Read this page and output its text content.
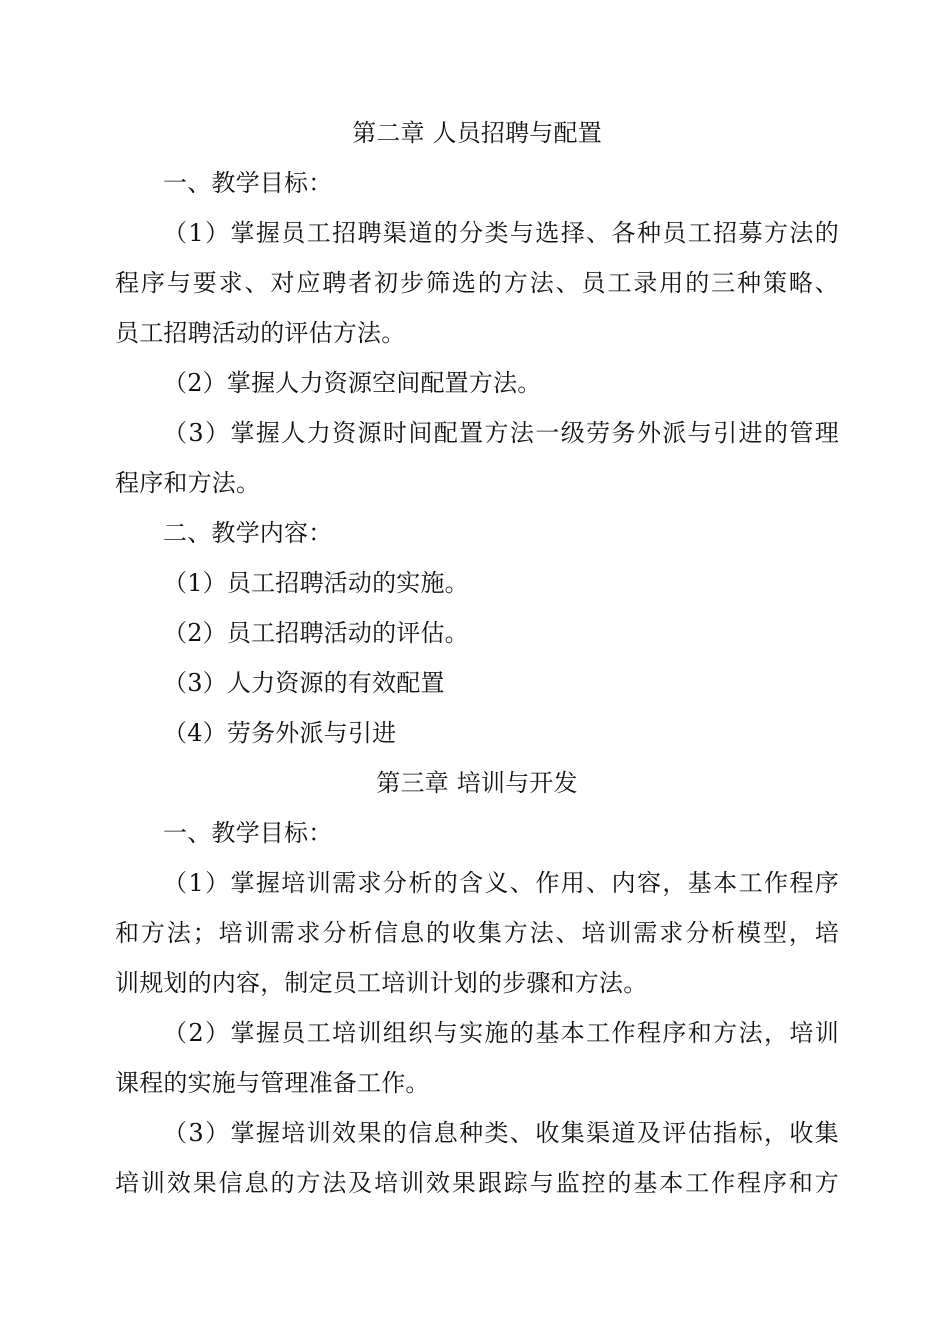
第二章 人员招聘与配置
一、教学目标：
（1）掌握员工招聘渠道的分类与选择、各种员工招募方法的
程序与要求、对应聘者初步筛选的方法、员工录用的三种策略、
员工招聘活动的评估方法。
（2）掌握人力资源空间配置方法。
（3）掌握人力资源时间配置方法一级劳务外派与引进的管理
程序和方法。
二、教学内容：
（1）员工招聘活动的实施。
（2）员工招聘活动的评估。
（3）人力资源的有效配置
（4）劳务外派与引进
第三章 培训与开发
一、教学目标：
（1）掌握培训需求分析的含义、作用、内容，基本工作程序
和方法；培训需求分析信息的收集方法、培训需求分析模型，培
训规划的内容，制定员工培训计划的步骤和方法。
（2）掌握员工培训组织与实施的基本工作程序和方法，培训
课程的实施与管理准备工作。
（3）掌握培训效果的信息种类、收集渠道及评估指标，收集
培训效果信息的方法及培训效果跟踪与监控的基本工作程序和方
